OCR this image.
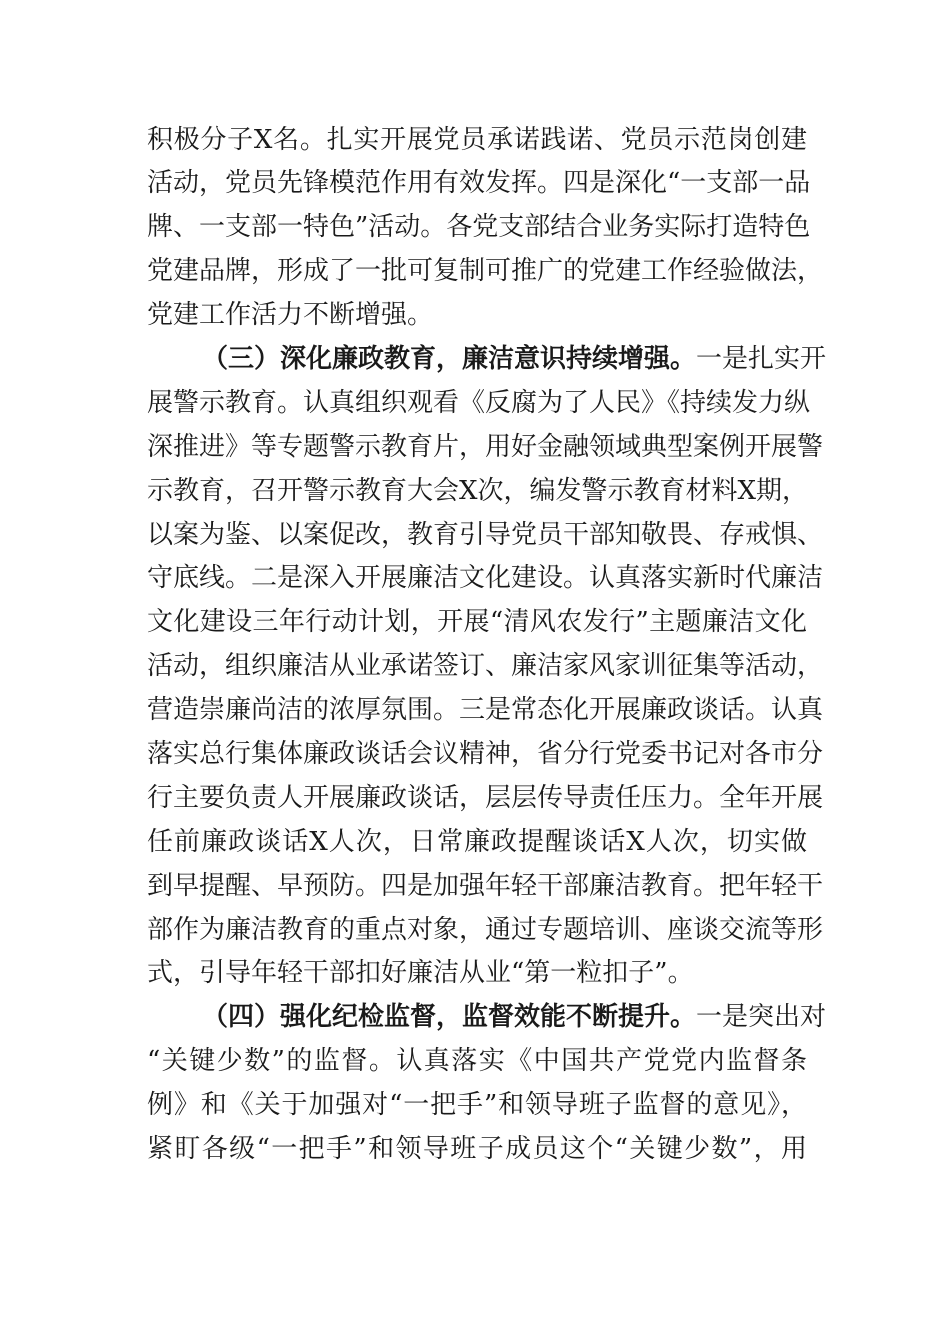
积极分子X名。扎实开展党员承诺践诺、党员示范岗创建
活动，党员先锋模范作用有效发挥。四是深化“一支部一品
牌、一支部一特色”活动。各党支部结合业务实际打造特色
党建品牌，形成了一批可复制可推广的党建工作经验做法，
党建工作活力不断增强。
（三）深化廉政教育，廉洁意识持续增强。一是扎实开
展警示教育。认真组织观看《反腐为了人民》《持续发力纵
深推进》等专题警示教育片，用好金融领域典型案例开展警
示教育，召开警示教育大会X次，编发警示教育材料X期，
以案为鉴、以案促改，教育引导党员干部知敬畏、存戒惧、
守底线。二是深入开展廉洁文化建设。认真落实新时代廉洁
文化建设三年行动计划，开展“清风农发行”主题廉洁文化
活动，组织廉洁从业承诺签订、廉洁家风家训征集等活动，
营造崇廉尚洁的浓厚氛围。三是常态化开展廉政谈话。认真
落实总行集体廉政谈话会议精神，省分行党委书记对各市分
行主要负责人开展廉政谈话，层层传导责任压力。全年开展
任前廉政谈话X人次，日常廉政提醒谈话X人次，切实做
到早提醒、早预防。四是加强年轻干部廉洁教育。把年轻干
部作为廉洁教育的重点对象，通过专题培训、座谈交流等形
式，引导年轻干部扣好廉洁从业“第一粒扣子”。
（四）强化纪检监督，监督效能不断提升。一是突出对
“关键少数”的监督。认真落实《中国共产党党内监督条
例》和《关于加强对“一把手”和领导班子监督的意见》，
紧盯各级“一把手”和领导班子成员这个“关键少数”，用
